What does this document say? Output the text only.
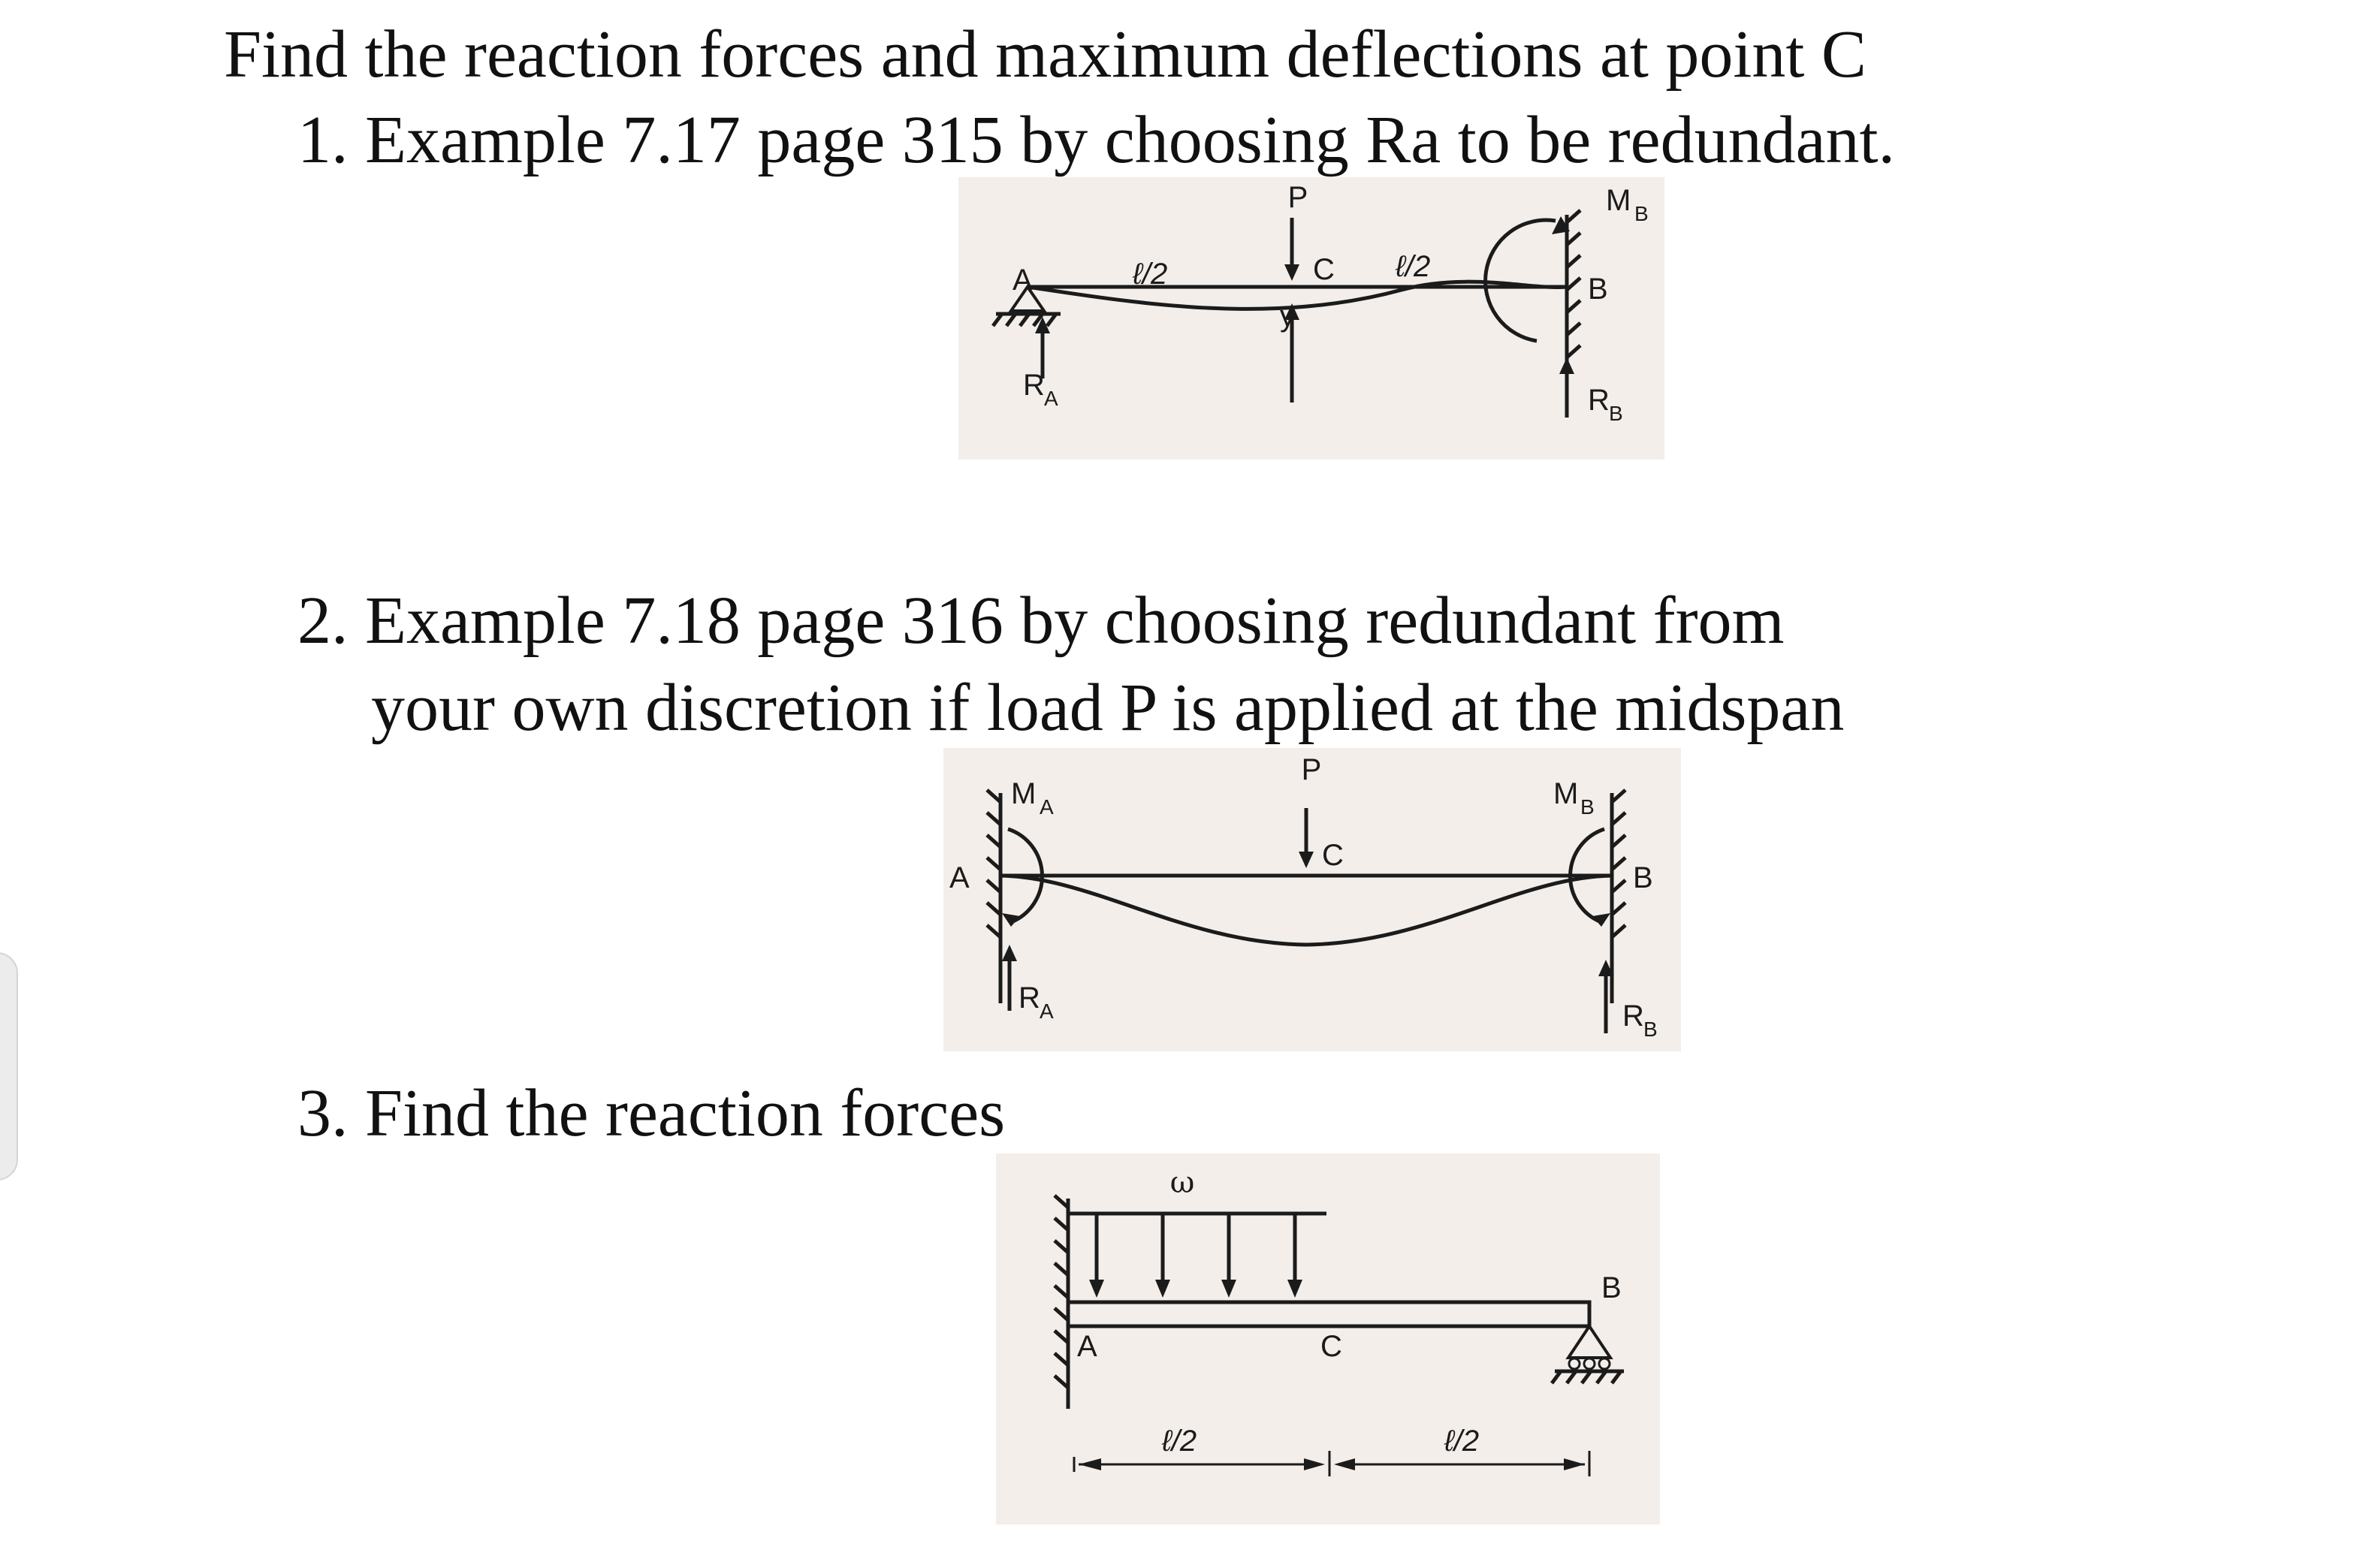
Find the reaction forces and maximum deflections at point C

1. Example 7.17 page 315 by choosing Ra to be redundant.

2. Example 7.18 page 316 by choosing redundant from

your own discretion if load P is applied at the midspan

3. Find the reaction forces

P
C
ℓ/2	ℓ/2
y
A	B
M B
R A	R B
P
C
A	B
M A	M B
R A	R B
ω
A	C
B
ℓ/2	ℓ/2
